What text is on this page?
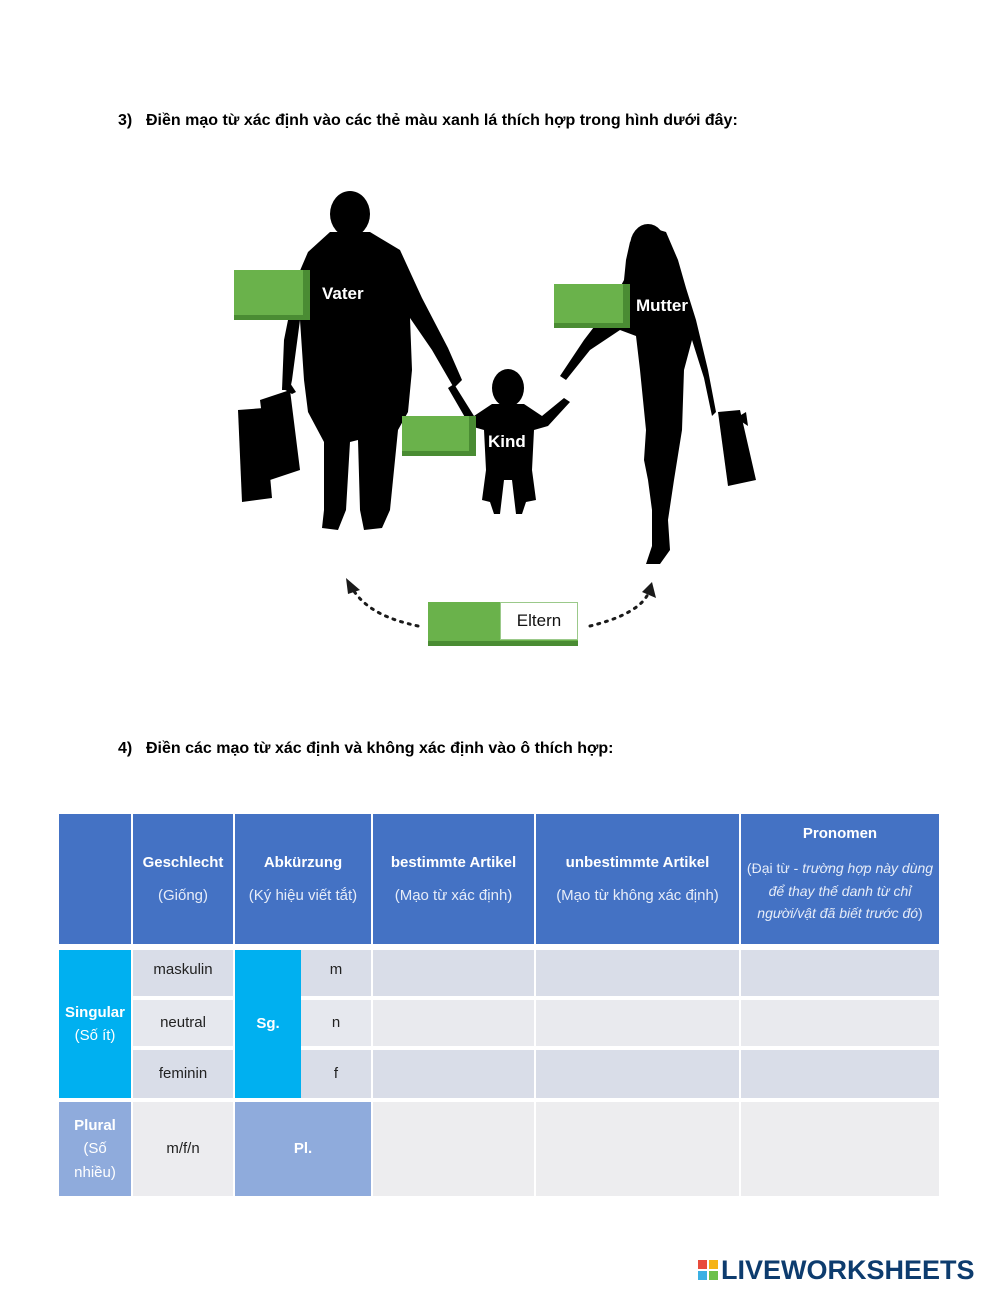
3) Điền mạo từ xác định vào các thẻ màu xanh lá thích hợp trong hình dưới đây:
Vater
Mutter
Kind
Eltern
4) Điền các mạo từ xác định và không xác định vào ô thích hợp:
Geschlecht
(Giống)
Abkürzung
(Ký hiệu viết tắt)
bestimmte Artikel
(Mạo từ xác định)
unbestimmte Artikel
(Mạo từ không xác định)
Pronomen
(Đại từ - trường hợp này dùng để thay thế danh từ chỉ người/vật đã biết trước đó)
Singular
(Số ít)
maskulin
neutral
feminin
Sg.
m
n
f
Plural
(Số nhiều)
m/f/n	Pl.
LIVEWORKSHEETS
